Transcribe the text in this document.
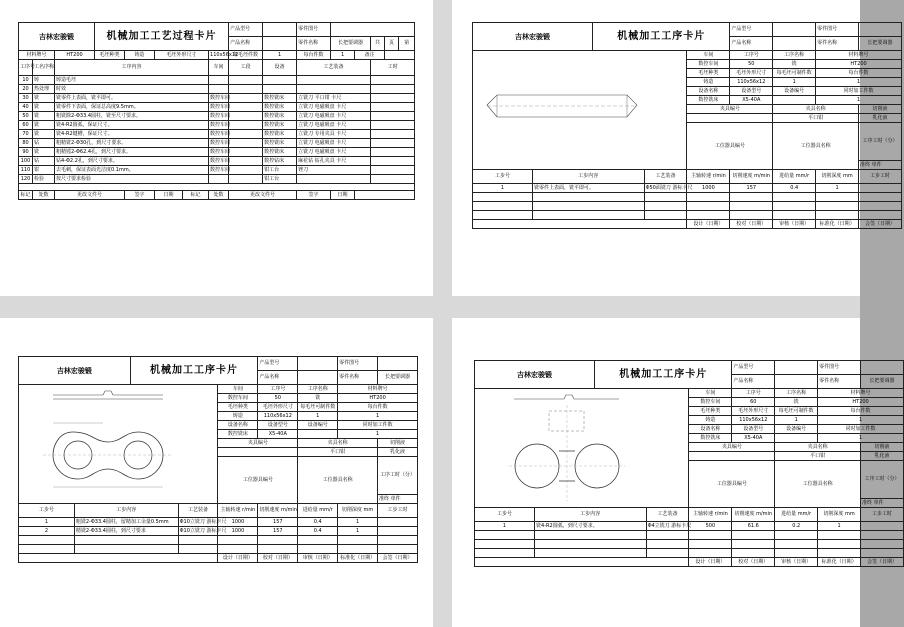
吉林宏骏锻			机械加工工艺过程卡片					产品型号		零件图号					
								产品名称		零件名称	长把要调器		共	页	第
材料牌号		HT200	毛坯种类	铸造	毛坯外形尺寸		110x56x12	每毛坯件数	1	每台件数	1	备注			
工序号	工名序称	工序内容					车间	工段	设备	工艺装备			工时		
10	铸	铸造毛坯													
20	热处理	时效													
30	铣	铣零件上表面，铣平即可。					数控车间		数控铣床	立铣刀 平口钳 卡尺					
40	铣	铣零件下表面，保证总高度9.5mm。					数控车间		数控铣床	立铣刀 电磁吸盘 卡尺					
50	铣	粗铣除2-Φ33.4圆柱，铣至尺寸要求。					数控车间		数控铣床	立铣刀 电磁吸盘 卡尺					
60	铣	铣4-R2圆弧，保证尺寸。					数控车间		数控铣床	立铣刀 电磁吸盘 卡尺					
70	铣	铣4-R2键槽，保证尺寸。					数控车间		数控铣床	立铣刀 专用夹具 卡尺					
80	钻	粗精铣2-Φ30孔，到尺寸要求。					数控车间		数控铣床	立铣刀 电磁吸盘 卡尺					
90	铣	粗精镗2-Φ62.4孔，到尺寸要求。					数控车间		数控铣床	立铣刀 电磁吸盘 卡尺					
100	钻	钻4-Φ2.2孔，到尺寸要求。					数控车间		数控钻床	麻花钻 钻孔夹具 卡尺					
110	钳	去毛刺，保证表面光洁度0.1mm。					数控车间		钳工台	锉刀					
120	检验	按尺寸要求检验							钳工台						

标记	处数	更改文件号		签字	日期	标记	处数	更改文件号		签字	日期				
吉林宏骏锻		机械加工工序卡片			产品型号		零件图号	
					产品名称		零件名称	长把要调器

	车间	工序号	工序名称	材料牌号	
				数控车间	50	铣	HT200	
				毛坯种类	毛坯外形尺寸	每毛坯可制件数	每台件数	
				铸造	110x56x12	1	1	
				设备名称	设备型号	设备编号	同时加工件数	
				数控铣床	X5-40A		1	
				夹具编号		夹具名称		切削液
						平口钳		乳化液
				工位器具编号		工位器具名称		工序工时（分）
								准终 单件
工步号	工步内容		工艺装备	主轴转速 r/min	切削速度 m/min	进给量 mm/r	切削深度 mm	工步工时
1	铣零件上表面，铣平即可。		Φ50面铣刀 游标卡尺	1000	157	0.4	1	

				设计（日期）	校对（日期）	审核（日期）	标准化（日期）	会签（日期）
吉林宏骏锻		机械加工工序卡片			产品型号		零件图号	
					产品名称		零件名称	长把要调器

	车间	工序号	工序名称	材料牌号	
				数控车间	50	铣	HT200	
				毛坯种类	毛坯外形尺寸	每毛坯可制件数	每台件数	
				铸造	110x56x12	1	1	
				设备名称	设备型号	设备编号	同时加工件数	
				数控铣床	X5-40A		1	
				夹具编号		夹具名称		切削液
						平口钳		乳化液
				工位器具编号		工位器具名称		工序工时（分）
								准终 单件
工步号	工步内容		工艺装备	主轴转速 r/min	切削速度 m/min	进给量 mm/r	切削深度 mm	工步工时
1	粗铣2-Φ33.4圆柱，留精加工余量0.5mm		Φ10立铣刀 游标卡尺	1000	157	0.4	1	
2	精铣2-Φ33.4圆柱，到尺寸要求		Φ10立铣刀 游标卡尺	1000	157	0.4	1	

				设计（日期）	校对（日期）	审核（日期）	标准化（日期）	会签（日期）
吉林宏骏锻		机械加工工序卡片			产品型号		零件图号	
					产品名称		零件名称	长把要调器

	车间	工序号	工序名称	材料牌号	
				数控车间	60	铣	HT200	
				毛坯种类	毛坯外形尺寸	每毛坯可制件数	每台件数	
				铸造	110x56x12	1	1	
				设备名称	设备型号	设备编号	同时加工件数	
				数控铣床	X5-40A		1	
				夹具编号		夹具名称		切削液
						平口钳		乳化液
				工位器具编号		工位器具名称		工序工时（分）
								准终 单件
工步号	工步内容		工艺装备	主轴转速 r/min	切削速度 m/min	进给量 mm/r	切削深度 mm	工步工时
1	铣4-R2圆弧，到尺寸要求。		Φ4立铣刀 游标卡尺	500	61.6	0.2	1	

				设计（日期）	校对（日期）	审核（日期）	标准化（日期）	会签（日期）
